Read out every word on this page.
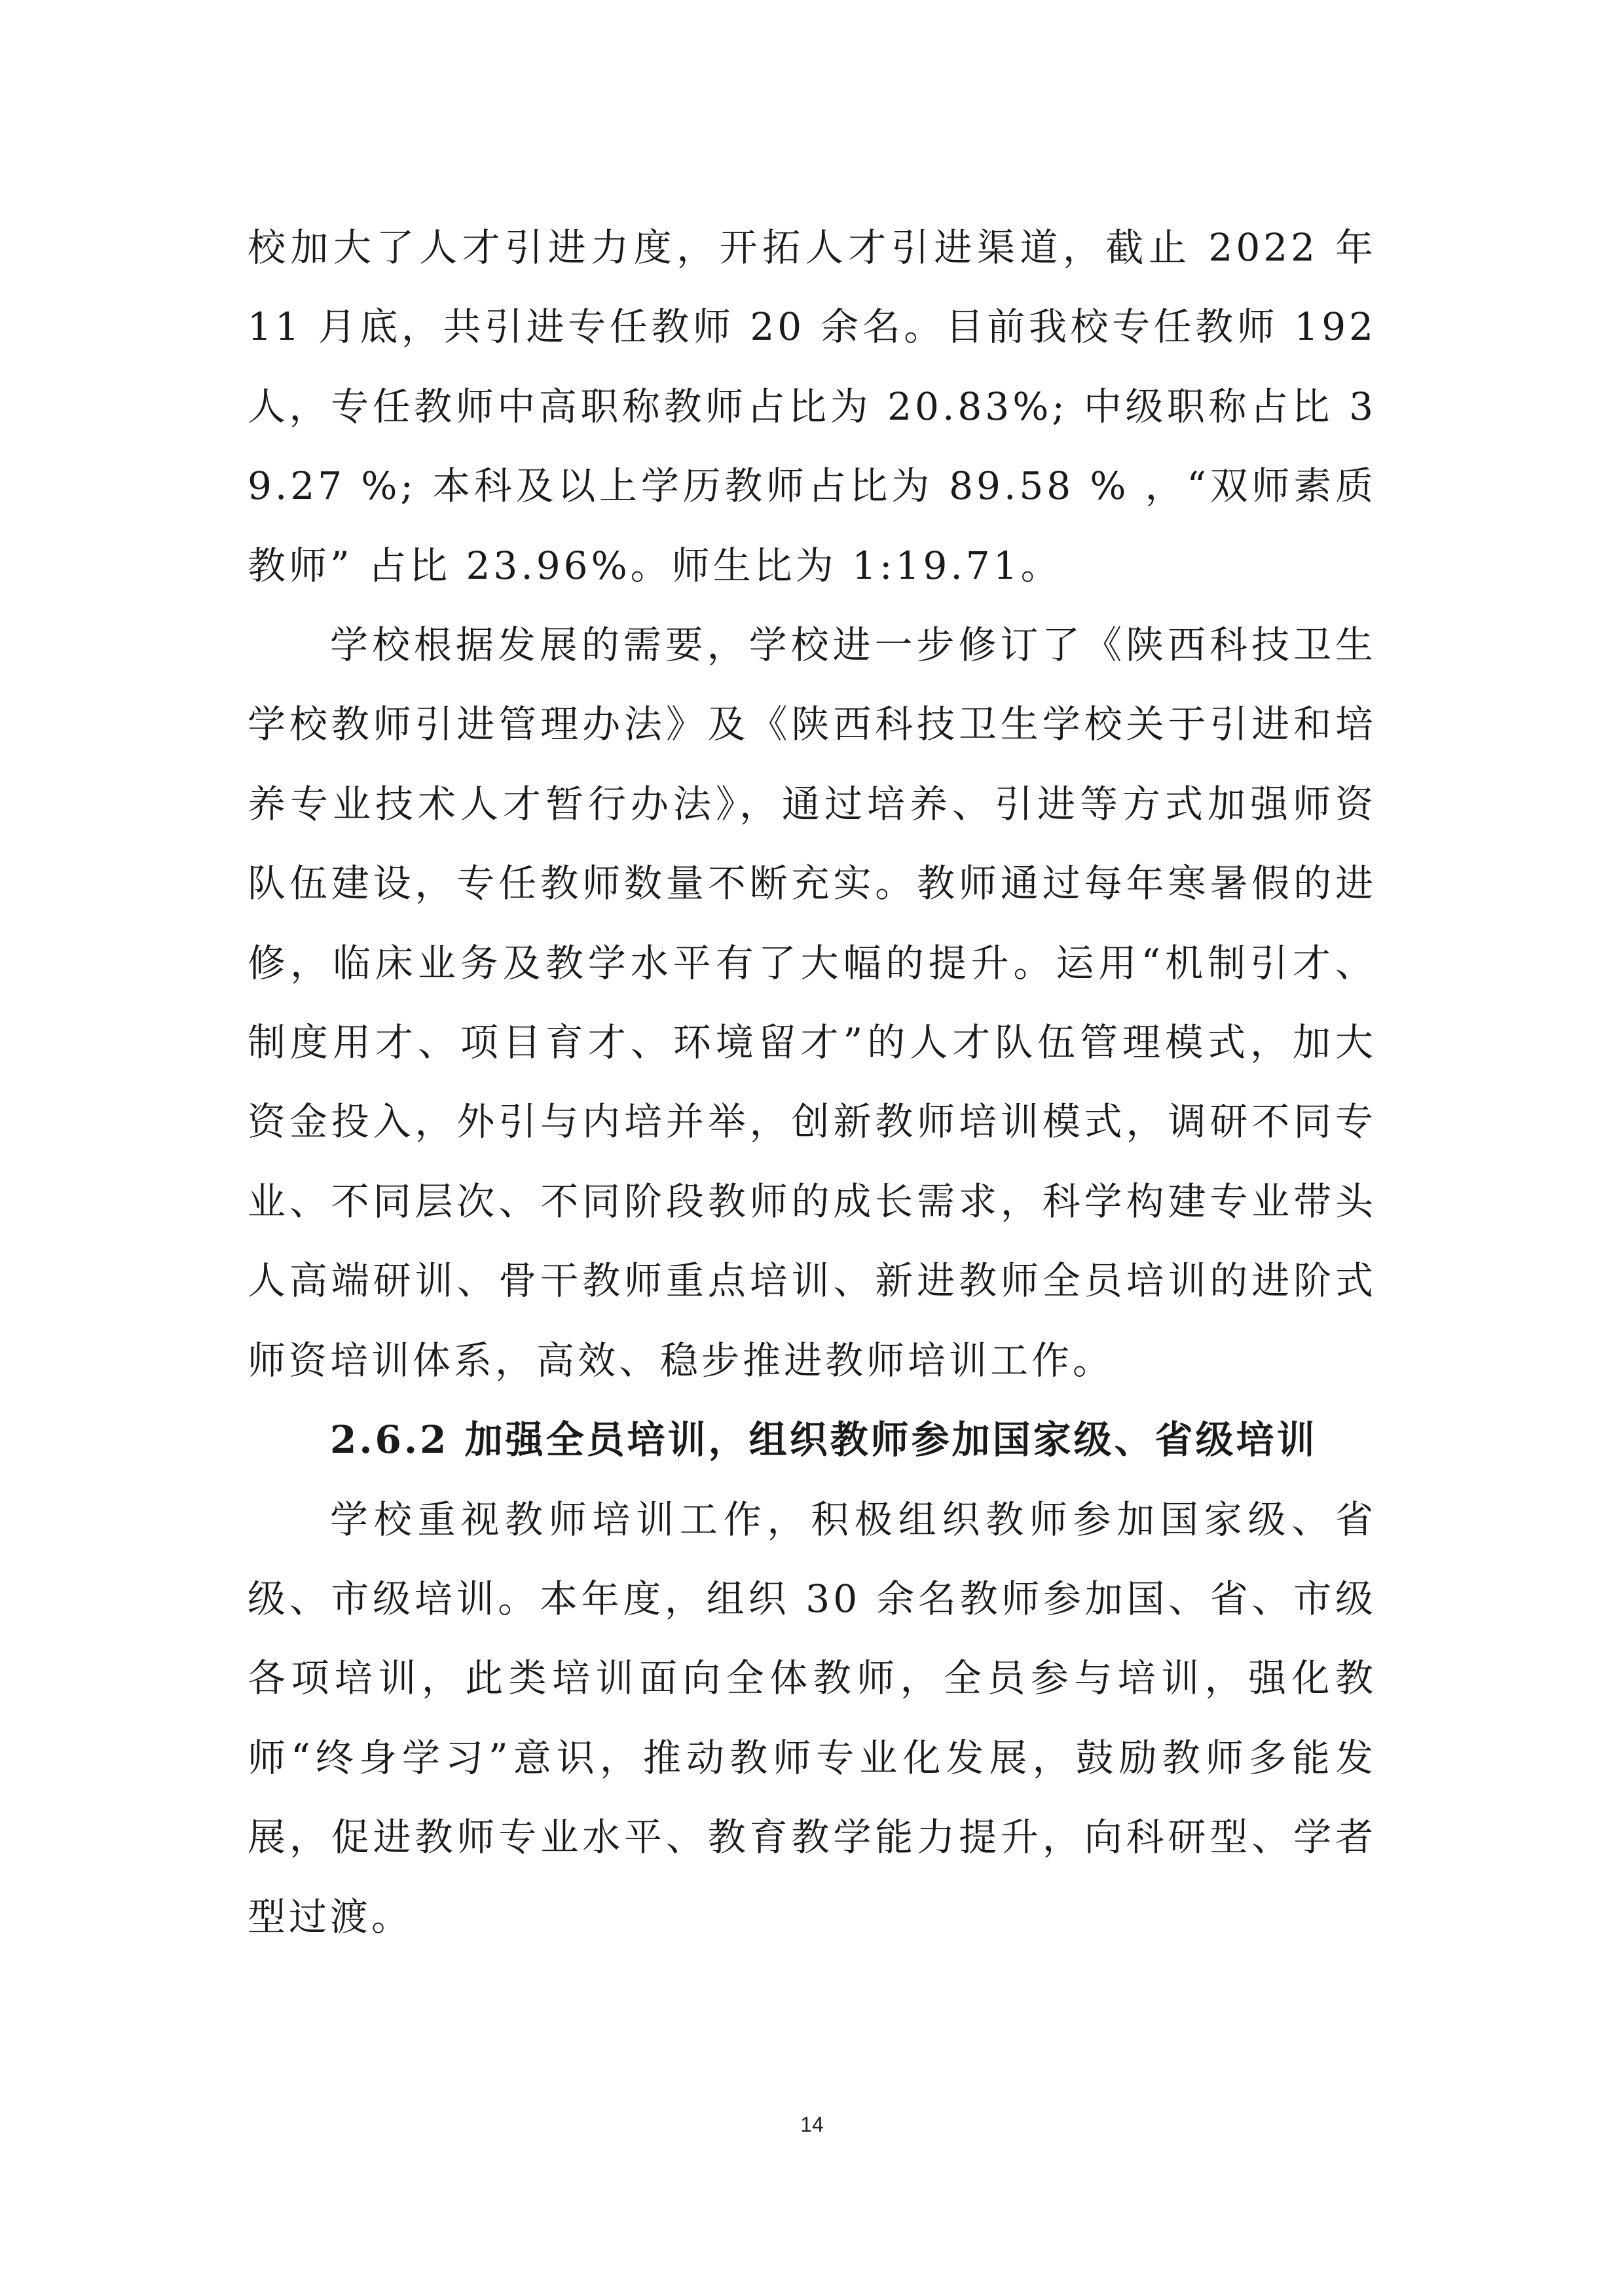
校加大了人才引进力度，开拓人才引进渠道，截止 2022 年 11 月底，共引进专任教师 20 余名。目前我校专任教师 192 人，专任教师中高职称教师占比为 20.83%; 中级职称占比 39.27 %; 本科及以上学历教师占比为 89.58 % ，“双师素质教师” 占比 23.96%。师生比为 1:19.71。

学校根据发展的需要，学校进一步修订了《陕西科技卫生学校教师引进管理办法》及《陕西科技卫生学校关于引进和培养专业技术人才暂行办法》，通过培养、引进等方式加强师资队伍建设，专任教师数量不断充实。教师通过每年寒暑假的进修，临床业务及教学水平有了大幅的提升。运用“机制引才、制度用才、项目育才、环境留才”的人才队伍管理模式，加大资金投入，外引与内培并举，创新教师培训模式，调研不同专业、不同层次、不同阶段教师的成长需求，科学构建专业带头人高端研训、骨干教师重点培训、新进教师全员培训的进阶式师资培训体系，高效、稳步推进教师培训工作。

2.6.2 加强全员培训，组织教师参加国家级、省级培训

学校重视教师培训工作，积极组织教师参加国家级、省级、市级培训。本年度，组织 30 余名教师参加国、省、市级各项培训，此类培训面向全体教师，全员参与培训，强化教师“终身学习”意识，推动教师专业化发展，鼓励教师多能发展，促进教师专业水平、教育教学能力提升，向科研型、学者型过渡。

14
